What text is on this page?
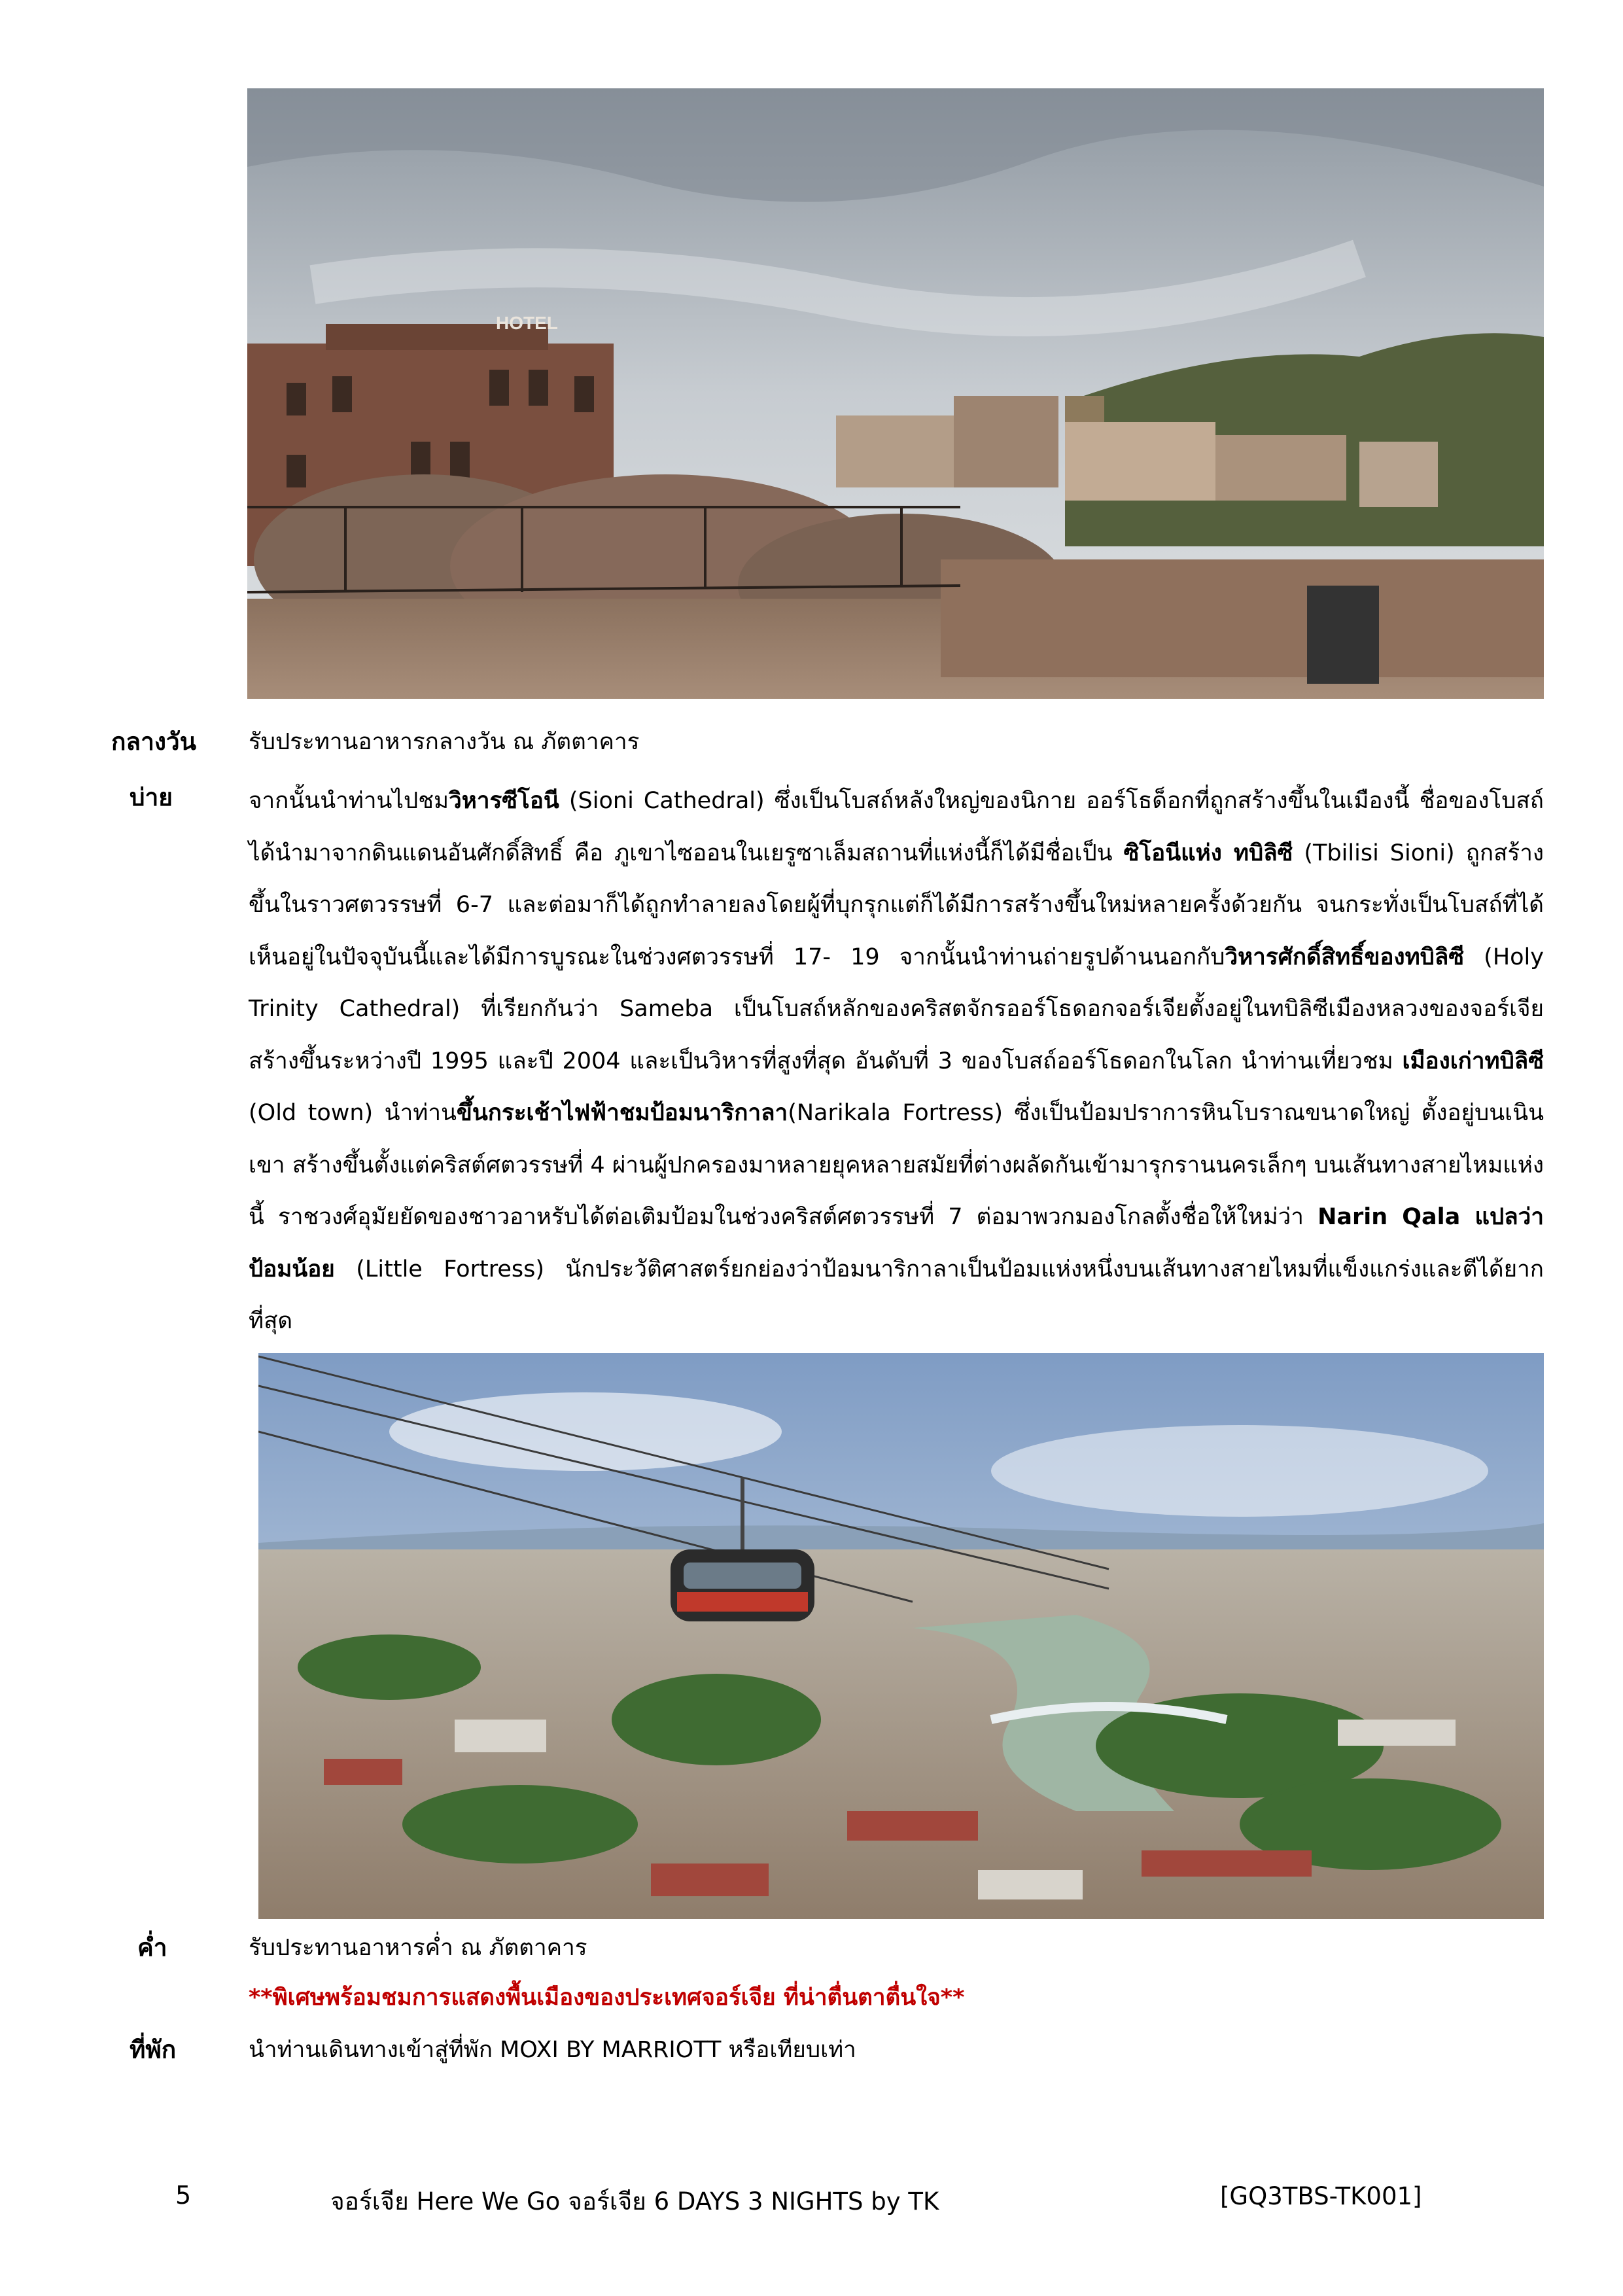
HOTEL
กลางวัน รับประทานอาหารกลางวัน ณ ภัตตาคาร
บ่าย	จากนั้นนำท่านไปชมวิหารซีโอนี (Sioni Cathedral) ซึ่งเป็นโบสถ์หลังใหญ่ของนิกาย ออร์โธด็อกที่ถูกสร้างขึ้นในเมืองนี้ ชื่อของโบสถ์ได้นำมาจากดินแดนอันศักดิ์สิทธิ์ คือ ภูเขาไซออนในเยรูซาเล็มสถานที่แห่งนี้ก็ได้มีชื่อเป็น ซิโอนีแห่ง ทบิลิซี (Tbilisi Sioni) ถูกสร้างขึ้นในราวศตวรรษที่ 6-7 และต่อมาก็ได้ถูกทำลายลงโดยผู้ที่บุกรุกแต่ก็ได้มีการสร้างขึ้นใหม่หลายครั้งด้วยกัน จนกระทั่งเป็นโบสถ์ที่ได้เห็นอยู่ในปัจจุบันนี้และได้มีการบูรณะในช่วงศตวรรษที่ 17- 19 จากนั้นนำท่านถ่ายรูปด้านนอกกับวิหารศักดิ์สิทธิ์ของทบิลิซี (Holy Trinity Cathedral) ที่เรียกกันว่า Sameba เป็นโบสถ์หลักของคริสตจักรออร์โธดอกจอร์เจียตั้งอยู่ในทบิลิซีเมืองหลวงของจอร์เจีย สร้างขึ้นระหว่างปี 1995 และปี 2004 และเป็นวิหารที่สูงที่สุด อันดับที่ 3 ของโบสถ์ออร์โธดอกในโลก นำท่านเที่ยวชม เมืองเก่าทบิลิซี (Old town) นำท่านขึ้นกระเช้าไฟฟ้าชมป้อมนาริกาลา(Narikala Fortress) ซึ่งเป็นป้อมปราการหินโบราณขนาดใหญ่ ตั้งอยู่บนเนินเขา สร้างขึ้นตั้งแต่คริสต์ศตวรรษที่ 4 ผ่านผู้ปกครองมาหลายยุคหลายสมัยที่ต่างผลัดกันเข้ามารุกรานนครเล็กๆ บนเส้นทางสายไหมแห่งนี้ ราชวงศ์อุมัยยัดของชาวอาหรับได้ต่อเติมป้อมในช่วงคริสต์ศตวรรษที่ 7 ต่อมาพวกมองโกลตั้งชื่อให้ใหม่ว่า Narin Qala แปลว่าป้อมน้อย (Little Fortress) นักประวัติศาสตร์ยกย่องว่าป้อมนาริกาลาเป็นป้อมแห่งหนึ่งบนเส้นทางสายไหมที่แข็งแกร่งและตีได้ยากที่สุด
ค่ำ	รับประทานอาหารค่ำ ณ ภัตตาคาร
**พิเศษพร้อมชมการแสดงพื้นเมืองของประเทศจอร์เจีย ที่น่าตื่นตาตื่นใจ**
ที่พัก	นำท่านเดินทางเข้าสู่ที่พัก MOXI BY MARRIOTT หรือเทียบเท่า
5	จอร์เจีย Here We Go จอร์เจีย 6 DAYS 3 NIGHTS by TK	[GQ3TBS-TK001]
